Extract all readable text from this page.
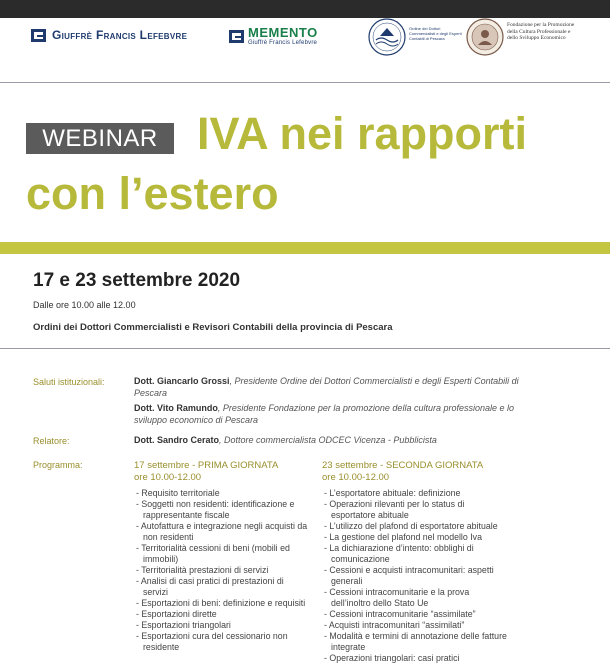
Giuffrè Francis Lefebvre	MEMENTO
Giuffrè Francis Lefebvre
Ordine dei Dottori Commercialisti e degli Esperti Contabili di Pescara
Fondazione per la Promozione della Cultura Professionale e dello Sviluppo Economico
WEBINAR IVA nei rapporti
con l’estero
17 e 23 settembre 2020
Dalle ore 10.00 alle 12.00
Ordini dei Dottori Commercialisti e Revisori Contabili della provincia di Pescara
Saluti istituzionali:	Dott. Giancarlo Grossi, Presidente Ordine dei Dottori Commercialisti e degli Esperti Contabili di Pescara
Dott. Vito Ramundo, Presidente Fondazione per la promozione della cultura professionale e lo sviluppo economico di Pescara
Relatore:	Dott. Sandro Cerato, Dottore commercialista ODCEC Vicenza - Pubblicista
Programma:	17 settembre - PRIMA GIORNATA
ore 10.00-12.00
- Requisito territoriale
- Soggetti non residenti: identificazione e rappresentante fiscale
- Autofattura e integrazione negli acquisti da non residenti
- Territorialità cessioni di beni (mobili ed immobili)
- Territorialità prestazioni di servizi
- Analisi di casi pratici di prestazioni di servizi
- Esportazioni di beni: definizione e requisiti
- Esportazioni dirette
- Esportazioni triangolari
- Esportazioni cura del cessionario non residente
23 settembre - SECONDA GIORNATA
ore 10.00-12.00
- L’esportatore abituale: definizione
- Operazioni rilevanti per lo status di esportatore abituale
- L’utilizzo del plafond di esportatore abituale
- La gestione del plafond nel modello Iva
- La dichiarazione d’intento: obblighi di comunicazione
- Cessioni e acquisti intracomunitari: aspetti generali
- Cessioni intracomunitarie e la prova dell’inoltro dello Stato Ue
- Cessioni intracomunitarie “assimilate”
- Acquisti intracomunitari “assimilati”
- Modalità e termini di annotazione delle fatture integrate
- Operazioni triangolari: casi pratici
